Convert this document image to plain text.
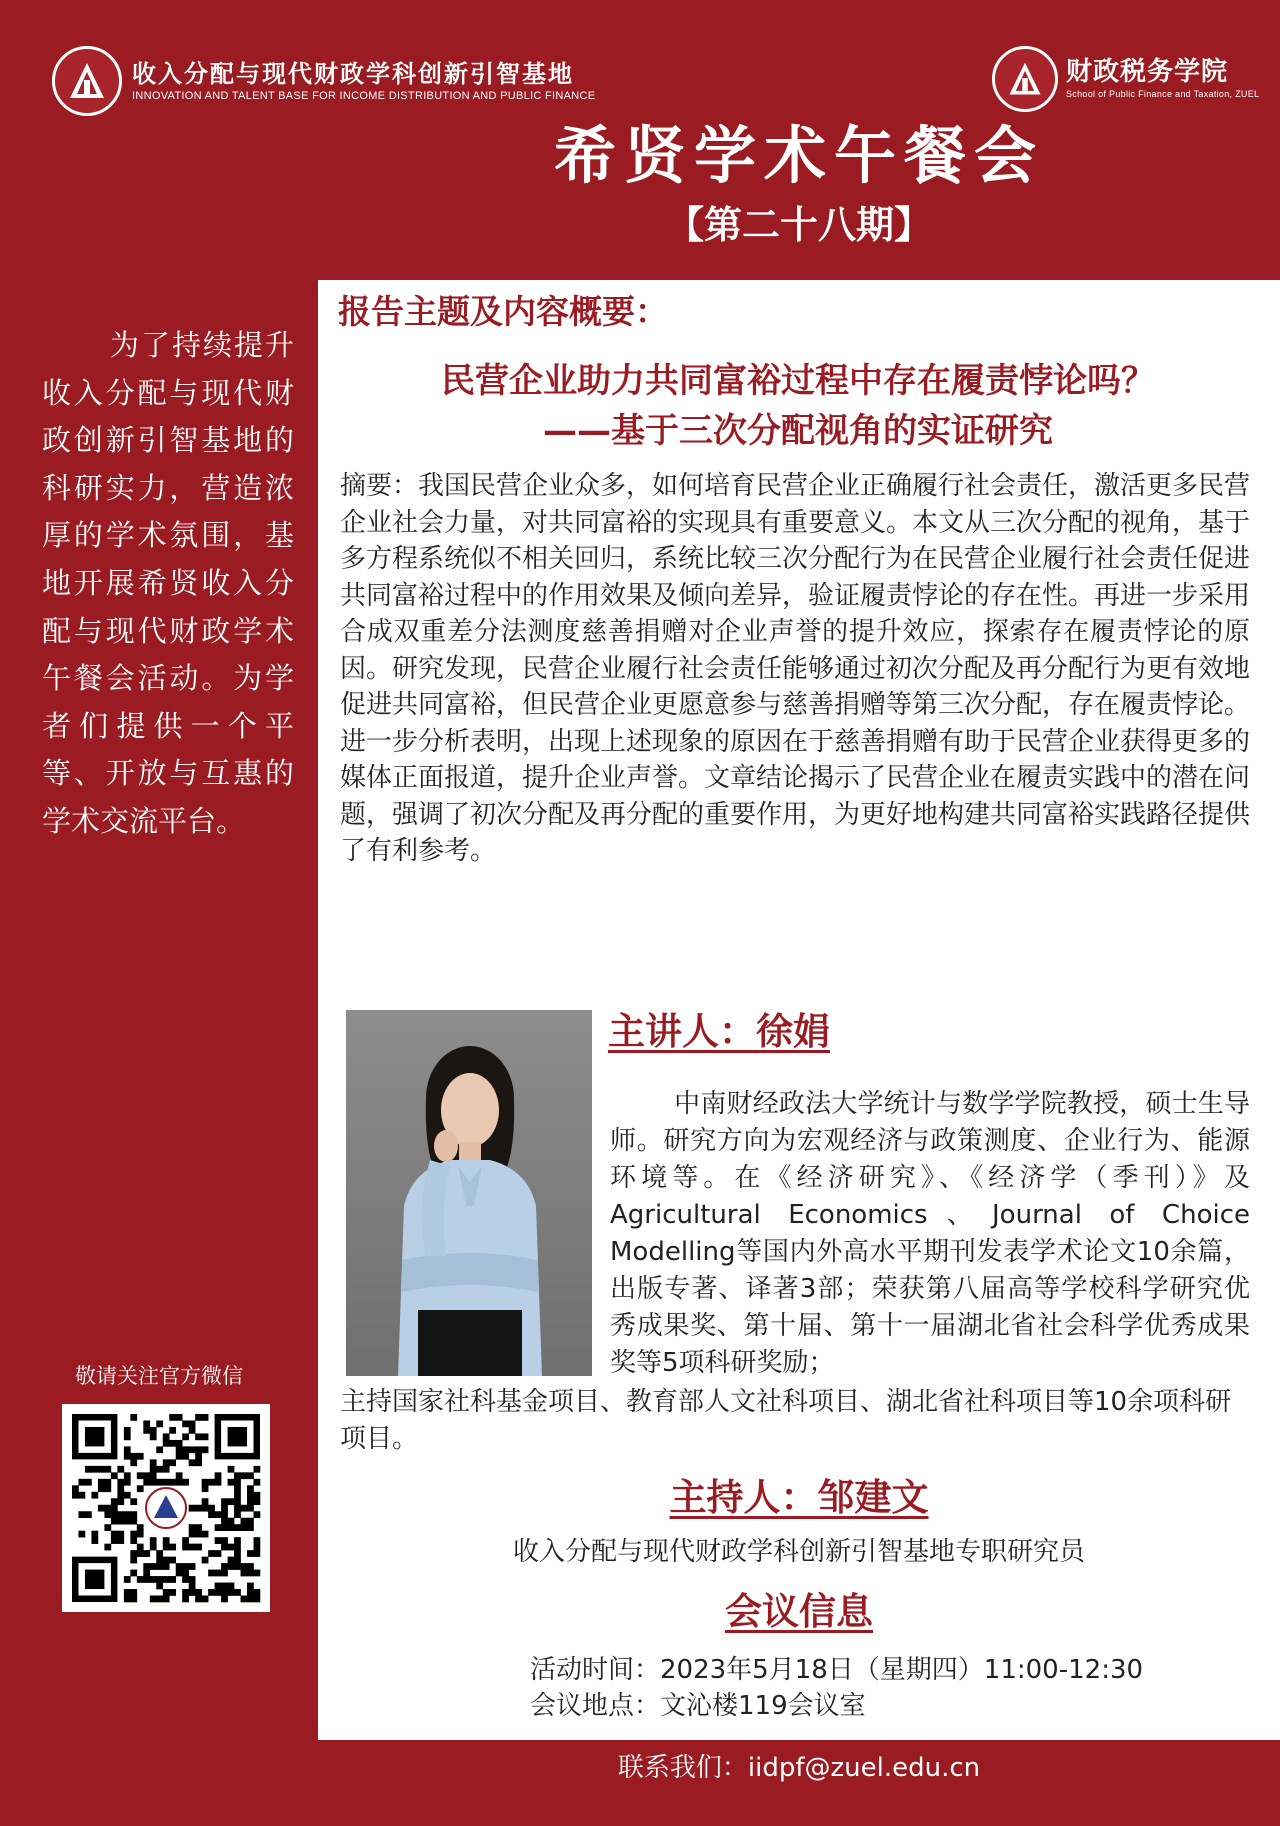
收入分配与现代财政学科创新引智基地
INNOVATION AND TALENT BASE FOR INCOME DISTRIBUTION AND PUBLIC FINANCE
财政税务学院
School of Public Finance and Taxation, ZUEL
希贤学术午餐会
【第二十八期】
为了持续提升收入分配与现代财政创新引智基地的科研实力，营造浓厚的学术氛围，基地开展希贤收入分配与现代财政学术午餐会活动。为学者们提供一个平等、开放与互惠的学术交流平台。
敬请关注官方微信
报告主题及内容概要：
民营企业助力共同富裕过程中存在履责悖论吗？
——基于三次分配视角的实证研究
摘要：我国民营企业众多，如何培育民营企业正确履行社会责任，激活更多民营企业社会力量，对共同富裕的实现具有重要意义。本文从三次分配的视角，基于多方程系统似不相关回归，系统比较三次分配行为在民营企业履行社会责任促进共同富裕过程中的作用效果及倾向差异，验证履责悖论的存在性。再进一步采用合成双重差分法测度慈善捐赠对企业声誉的提升效应，探索存在履责悖论的原因。研究发现，民营企业履行社会责任能够通过初次分配及再分配行为更有效地促进共同富裕，但民营企业更愿意参与慈善捐赠等第三次分配，存在履责悖论。进一步分析表明，出现上述现象的原因在于慈善捐赠有助于民营企业获得更多的媒体正面报道，提升企业声誉。文章结论揭示了民营企业在履责实践中的潜在问题，强调了初次分配及再分配的重要作用，为更好地构建共同富裕实践路径提供了有利参考。
主讲人：徐娟
中南财经政法大学统计与数学学院教授，硕士生导师。研究方向为宏观经济与政策测度、企业行为、能源环境等。在《经济研究》、《经济学（季刊）》及Agricultural Economics、Journal of Choice Modelling等国内外高水平期刊发表学术论文10余篇，出版专著、译著3部；荣获第八届高等学校科学研究优秀成果奖、第十届、第十一届湖北省社会科学优秀成果奖等5项科研奖励；
主持国家社科基金项目、教育部人文社科项目、湖北省社科项目等10余项科研项目。
主持人：邹建文
收入分配与现代财政学科创新引智基地专职研究员
会议信息
活动时间：2023年5月18日（星期四）11:00-12:30
会议地点：文沁楼119会议室
联系我们：iidpf@zuel.edu.cn
